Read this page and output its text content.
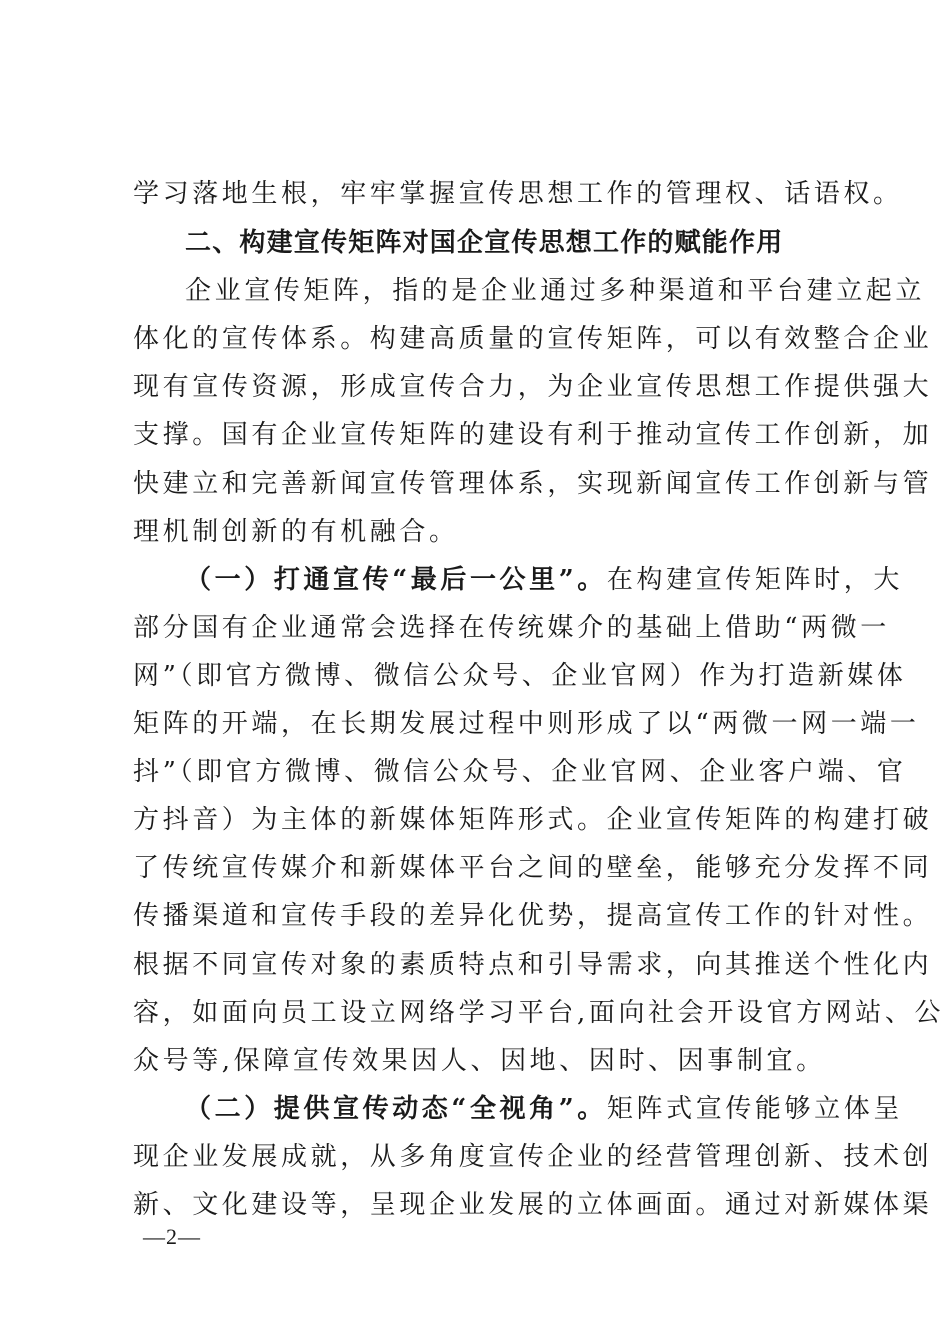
学习落地生根，牢牢掌握宣传思想工作的管理权、话语权。
二、构建宣传矩阵对国企宣传思想工作的赋能作用
企业宣传矩阵，指的是企业通过多种渠道和平台建立起立
体化的宣传体系。构建高质量的宣传矩阵，可以有效整合企业
现有宣传资源，形成宣传合力，为企业宣传思想工作提供强大
支撑。国有企业宣传矩阵的建设有利于推动宣传工作创新，加
快建立和完善新闻宣传管理体系，实现新闻宣传工作创新与管
理机制创新的有机融合。
（一）打通宣传“最后一公里”。在构建宣传矩阵时，大
部分国有企业通常会选择在传统媒介的基础上借助“两微一
网”（即官方微博、微信公众号、企业官网）作为打造新媒体
矩阵的开端，在长期发展过程中则形成了以“两微一网一端一
抖”（即官方微博、微信公众号、企业官网、企业客户端、官
方抖音）为主体的新媒体矩阵形式。企业宣传矩阵的构建打破
了传统宣传媒介和新媒体平台之间的壁垒，能够充分发挥不同
传播渠道和宣传手段的差异化优势，提高宣传工作的针对性。
根据不同宣传对象的素质特点和引导需求，向其推送个性化内
容，如面向员工设立网络学习平台,面向社会开设官方网站、公
众号等,保障宣传效果因人、因地、因时、因事制宜。
（二）提供宣传动态“全视角”。矩阵式宣传能够立体呈
现企业发展成就，从多角度宣传企业的经营管理创新、技术创
新、文化建设等，呈现企业发展的立体画面。通过对新媒体渠
—2—
